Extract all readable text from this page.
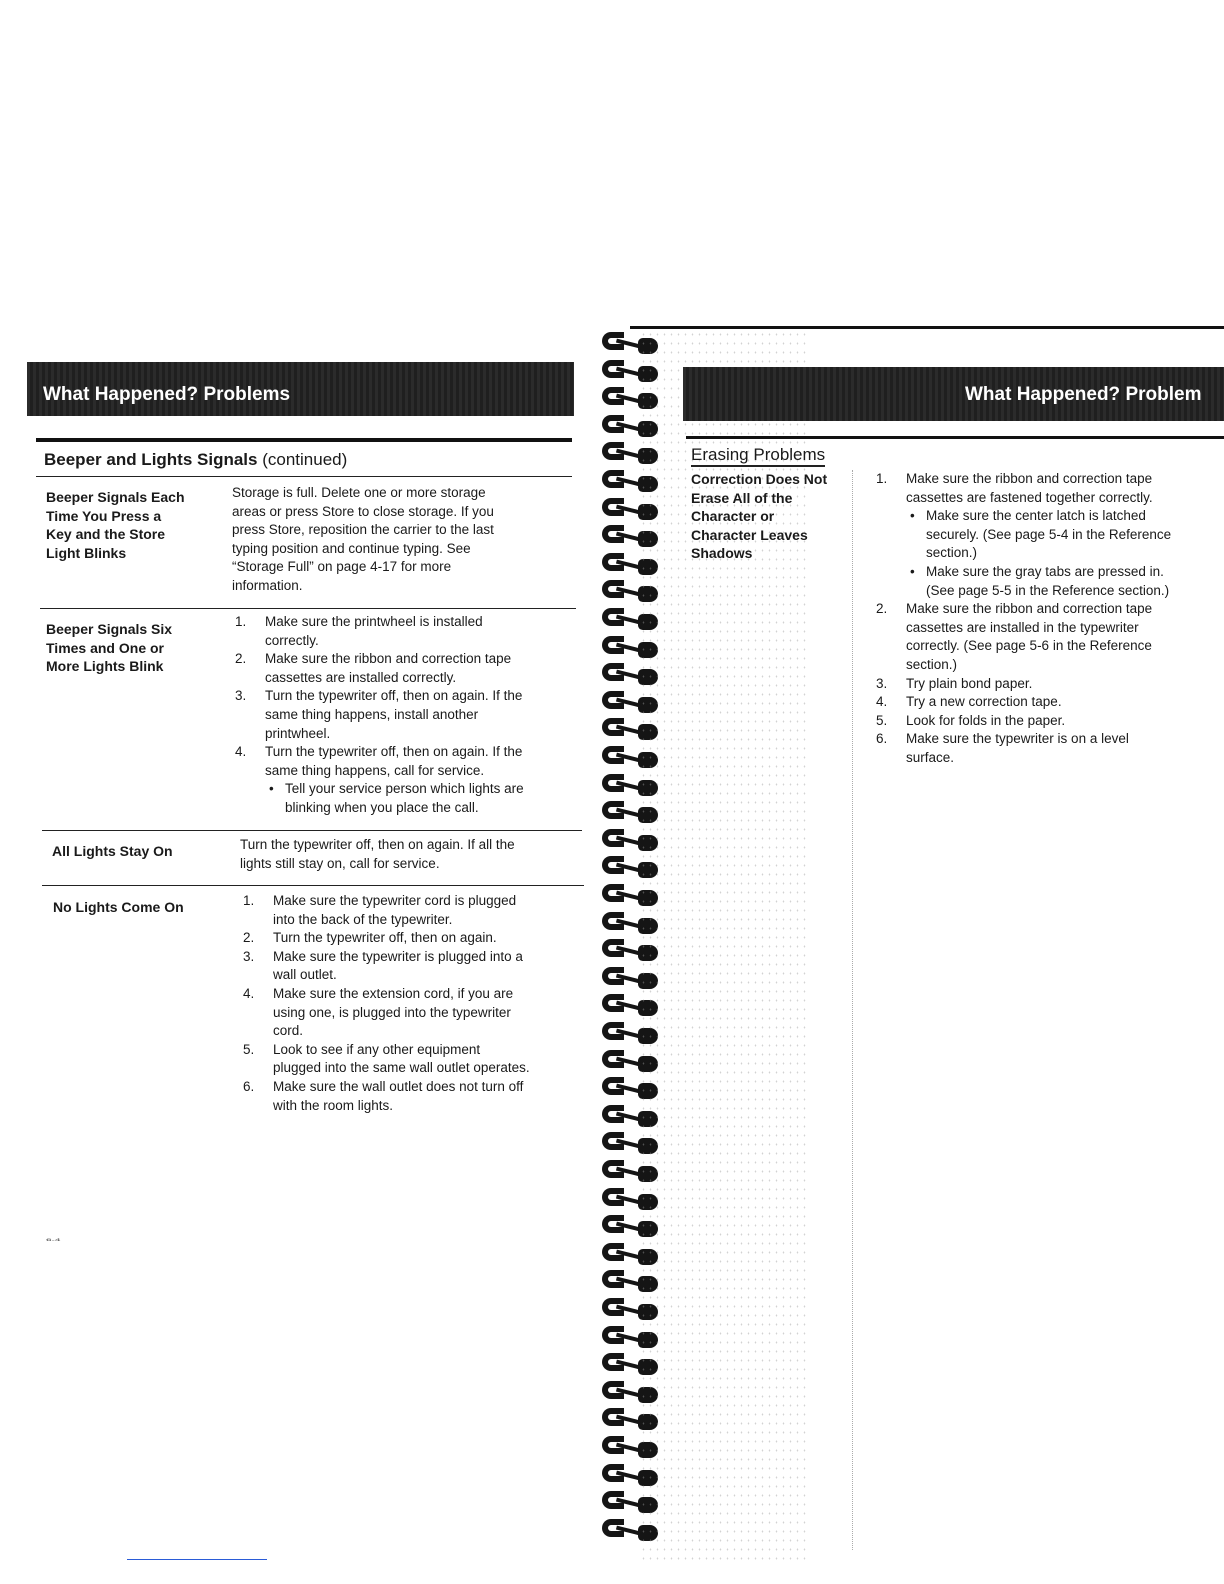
What Happened? Problems
Beeper and Lights Signals (continued)
Beeper Signals Each
Time You Press a
Key and the Store
Light Blinks

Storage is full. Delete one or more storage

areas or press Store to close storage. If you

press Store, reposition the carrier to the last

typing position and continue typing. See

“Storage Full” on page 4-17 for more

information.

Beeper Signals Six
Times and One or
More Lights Blink
1. Make sure the printwheel is installed

correctly.

2. Make sure the ribbon and correction tape

cassettes are installed correctly.

3. Turn the typewriter off, then on again. If the

same thing happens, install another

printwheel.

4. Turn the typewriter off, then on again. If the

same thing happens, call for service.

• Tell your service person which lights are

blinking when you place the call.

All Lights Stay On	Turn the typewriter off, then on again. If all the

lights still stay on, call for service.

No Lights Come On	1. Make sure the typewriter cord is plugged

into the back of the typewriter.

2. Turn the typewriter off, then on again.

3. Make sure the typewriter is plugged into a

wall outlet.

4. Make sure the extension cord, if you are

using one, is plugged into the typewriter

cord.

5. Look to see if any other equipment

plugged into the same wall outlet operates.

6. Make sure the wall outlet does not turn off

with the room lights.

6-4
What Happened? Problem
Erasing Problems
Correction Does Not
Erase All of the
Character or
Character Leaves
Shadows
1. Make sure the ribbon and correction tape

cassettes are fastened together correctly.

• Make sure the center latch is latched

securely. (See page 5-4 in the Reference

section.)

• Make sure the gray tabs are pressed in.

(See page 5-5 in the Reference section.)

2. Make sure the ribbon and correction tape

cassettes are installed in the typewriter

correctly. (See page 5-6 in the Reference

section.)

3. Try plain bond paper.

4. Try a new correction tape.

5. Look for folds in the paper.

6. Make sure the typewriter is on a level

surface.
